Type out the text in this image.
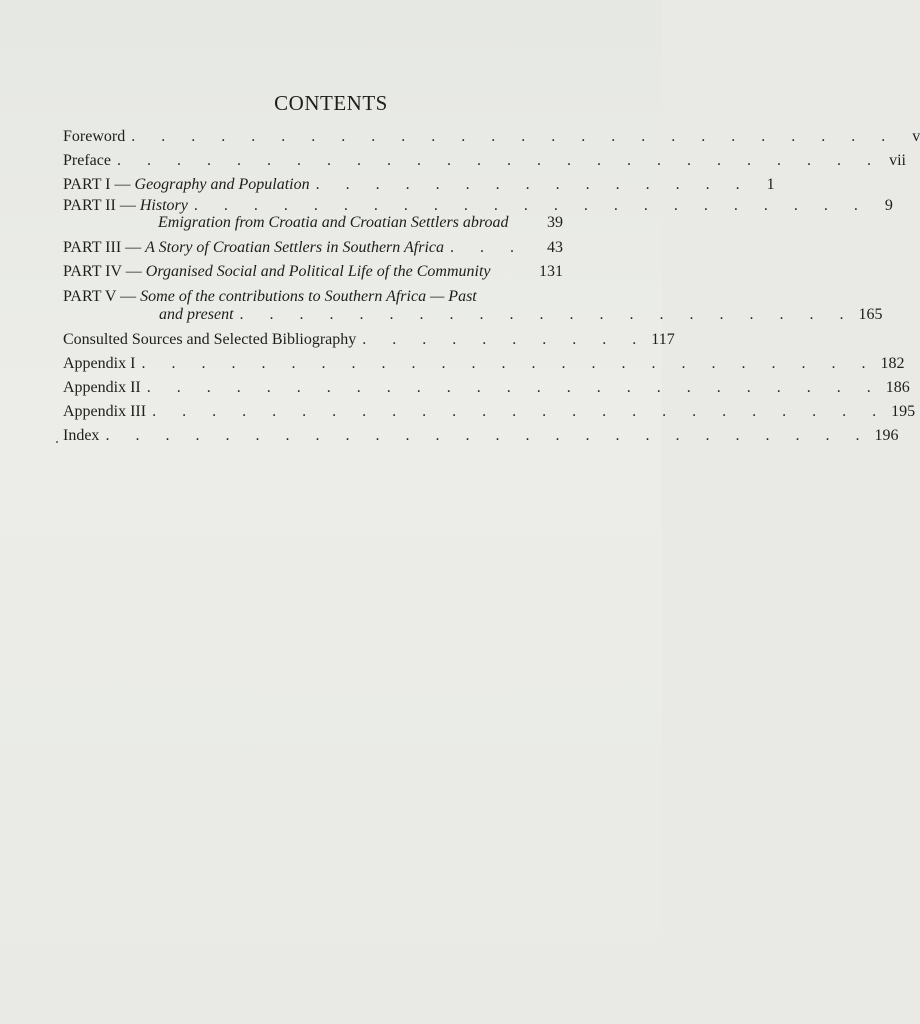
CONTENTS
Foreword . . . . . . . . . . . . . . . . . . . . . . . . . .	v
Preface . . . . . . . . . . . . . . . . . . . . . . . . . . vii
PART I — Geography and Population . . . . . . . . . . . . . . .	1
PART II — History . . . . . . . . . . . . . . . . . . . . . . .	9
Emigration from Croatia and Croatian Settlers abroad 39
PART III — A Story of Croatian Settlers in Southern Africa . . .	43
PART IV — Organised Social and Political Life of the Community	131
PART V — Some of the contributions to Southern Africa — Past
and present . . . . . . . . . . . . . . . . . . . . . 165
Consulted Sources and Selected Bibliography . . . . . . . . . . 117
Appendix I . . . . . . . . . . . . . . . . . . . . . . . . . 182
Appendix II . . . . . . . . . . . . . . . . . . . . . . . . . 186
Appendix III . . . . . . . . . . . . . . . . . . . . . . . . . 195
Index . . . . . . . . . . . . . . . . . . . . . . . . . . 196
